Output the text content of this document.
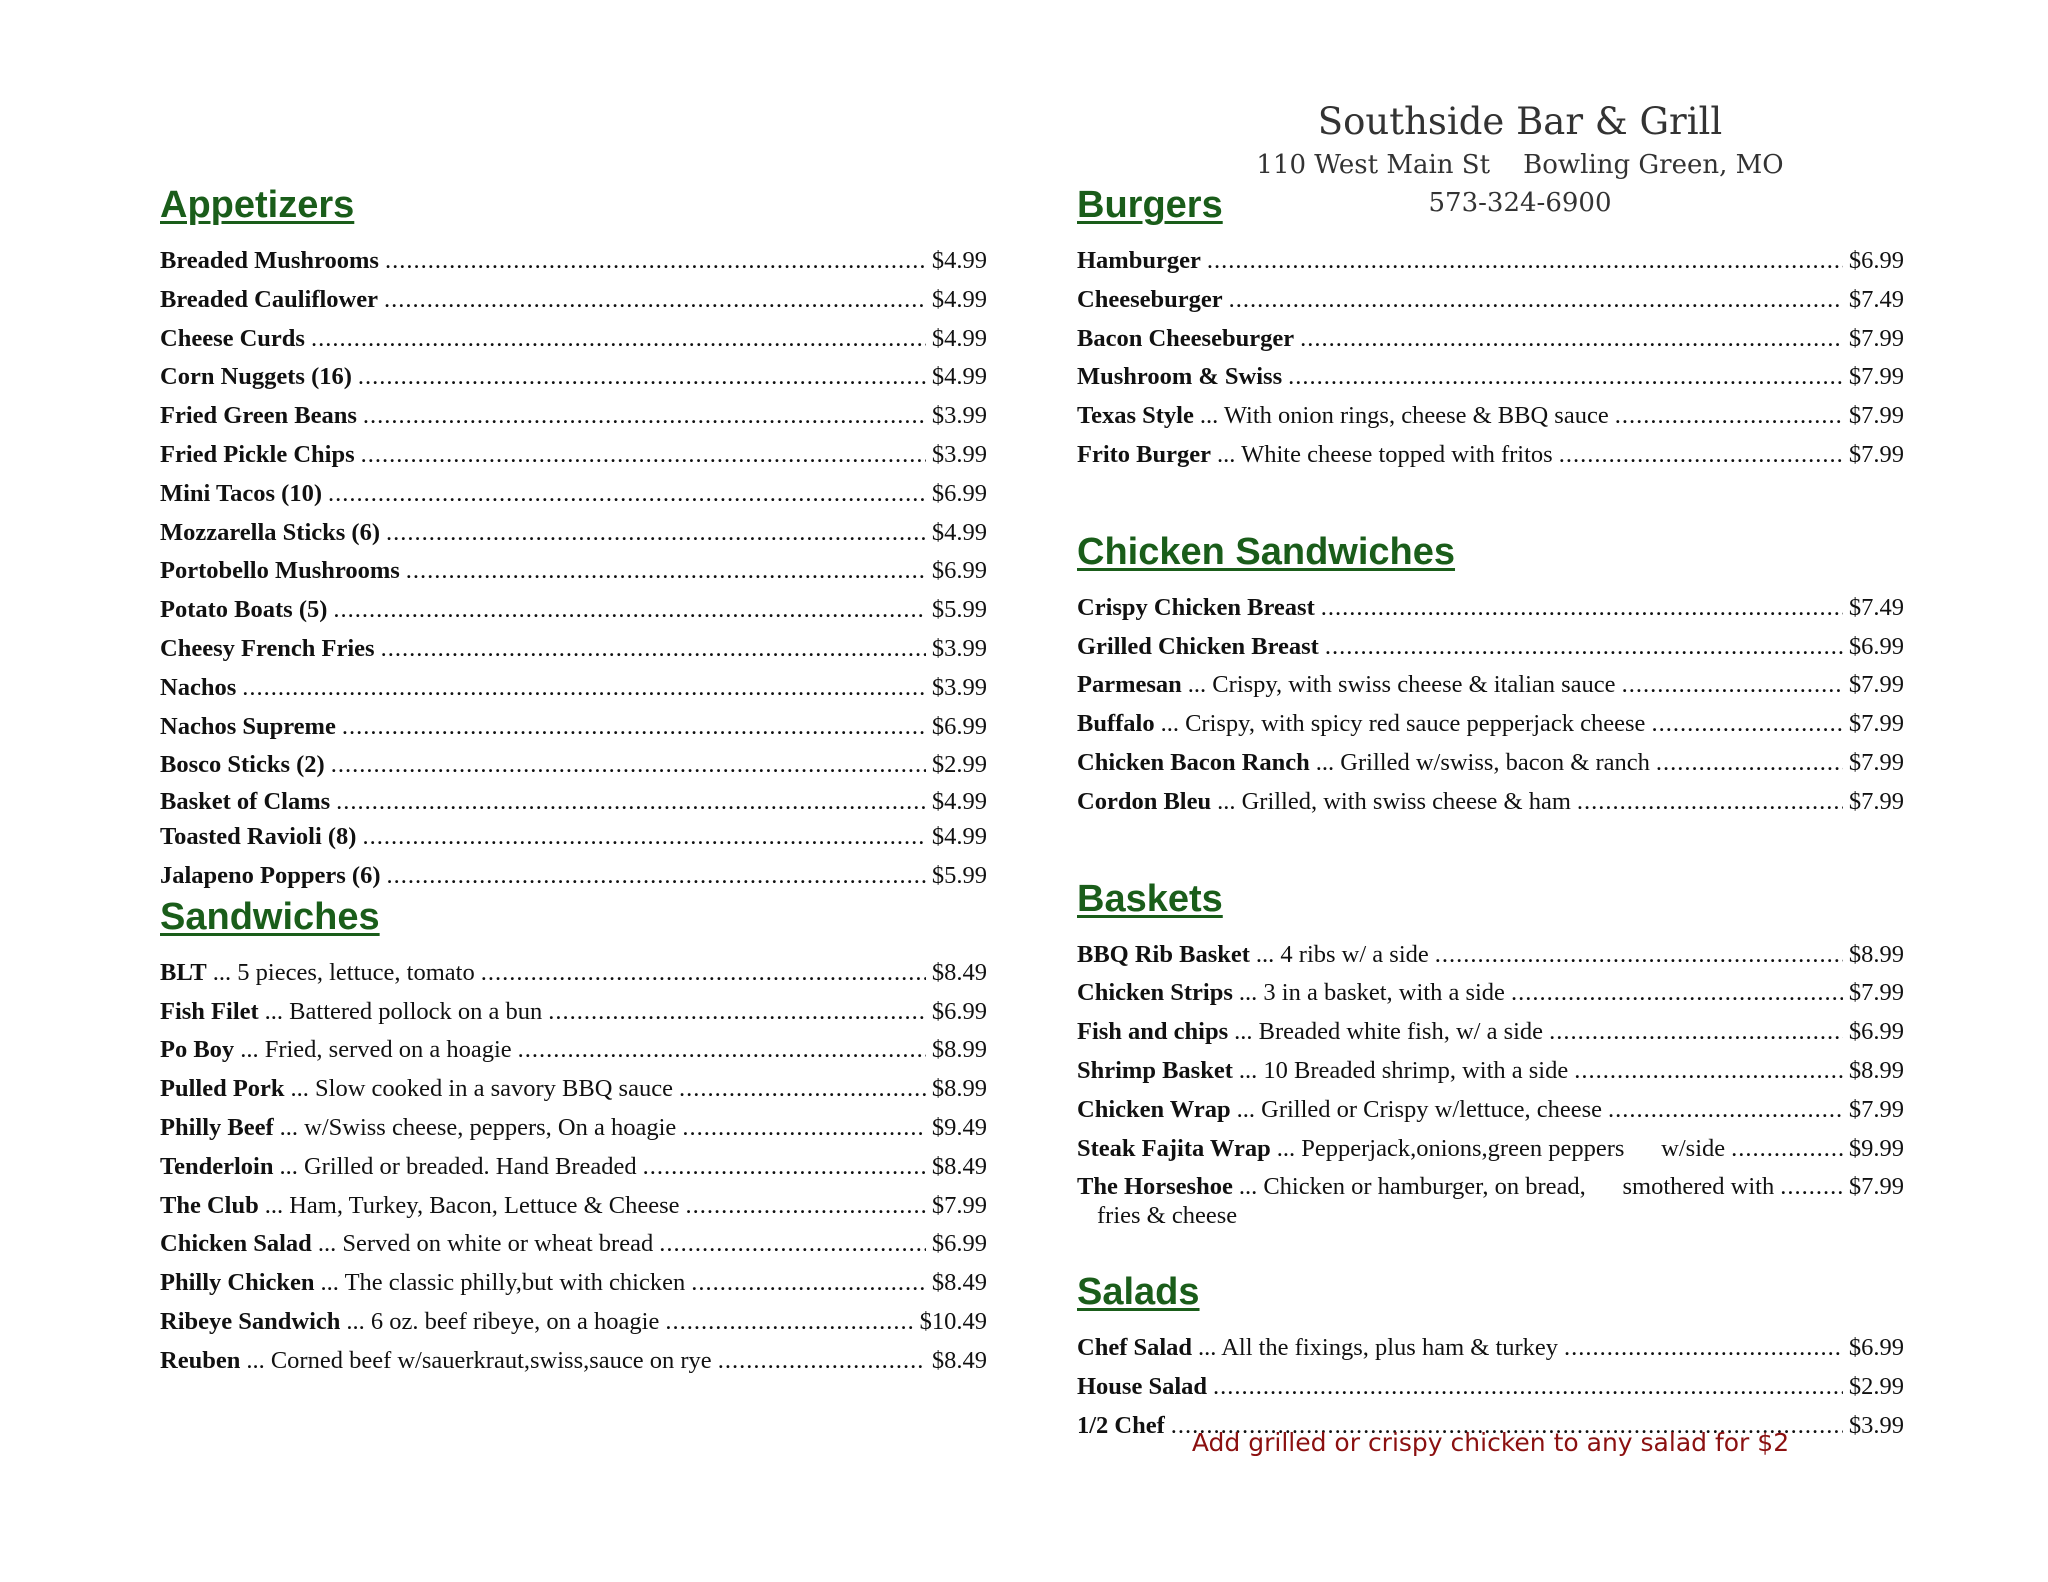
Southside Bar & Grill
110 West Main St    Bowling Green, MO
573-324-6900
Appetizers
Breaded Mushrooms .....	$4.99
Breaded Cauliflower .....	$4.99
Cheese Curds .....	$4.99
Corn Nuggets (16) .....	$4.99
Fried Green Beans .....	$3.99
Fried Pickle Chips .....	$3.99
Mini Tacos (10) .....	$6.99
Mozzarella Sticks (6) .....	$4.99
Portobello Mushrooms .....	$6.99
Potato Boats (5) .....	$5.99
Cheesy French Fries .....	$3.99
Nachos .....	$3.99
Nachos Supreme .....	$6.99
Bosco Sticks (2) .....	$2.99
Basket of Clams .....	$4.99
Toasted Ravioli (8) .....	$4.99
Jalapeno Poppers (6) .....	$5.99
Sandwiches
BLT ... 5 pieces, lettuce, tomato .....	$8.49
Fish Filet ... Battered pollock on a bun .....	$6.99
Po Boy ... Fried, served on a hoagie .....	$8.99
Pulled Pork ... Slow cooked in a savory BBQ sauce .....	$8.99
Philly Beef ... w/Swiss cheese, peppers, On a hoagie .....	$9.49
Tenderloin ... Grilled or breaded. Hand Breaded .....	$8.49
The Club ... Ham, Turkey, Bacon, Lettuce & Cheese .....	$7.99
Chicken Salad ... Served on white or wheat bread .....	$6.99
Philly Chicken ... The classic philly,but with chicken .....	$8.49
Ribeye Sandwich ... 6 oz. beef ribeye, on a hoagie .....	$10.49
Reuben ... Corned beef w/sauerkraut,swiss,sauce on rye .....	$8.49
Burgers
Hamburger .....	$6.99
Cheeseburger .....	$7.49
Bacon Cheeseburger .....	$7.99
Mushroom & Swiss .....	$7.99
Texas Style ... With onion rings, cheese & BBQ sauce .....	$7.99
Frito Burger ... White cheese topped with fritos .....	$7.99
Chicken Sandwiches
Crispy Chicken Breast .....	$7.49
Grilled Chicken Breast .....	$6.99
Parmesan ... Crispy, with swiss cheese & italian sauce .....	$7.99
Buffalo ... Crispy, with spicy red sauce pepperjack cheese .....	$7.99
Chicken Bacon Ranch ... Grilled w/swiss, bacon & ranch .....	$7.99
Cordon Bleu ... Grilled, with swiss cheese & ham .....	$7.99
Baskets
BBQ Rib Basket ... 4 ribs w/ a side .....	$8.99
Chicken Strips ... 3 in a basket, with a side .....	$7.99
Fish and chips ... Breaded white fish, w/ a side .....	$6.99
Shrimp Basket ... 10 Breaded shrimp, with a side .....	$8.99
Chicken Wrap ... Grilled or Crispy w/lettuce, cheese .....	$7.99
Steak Fajita Wrap ... Pepperjack,onions,green peppers      w/side .....	$9.99
The Horseshoe ... Chicken or hamburger, on bread,      smothered with .....	$7.99
fries & cheese
Salads
Chef Salad ... All the fixings, plus ham & turkey .....	$6.99
House Salad .....	$2.99
1/2 Chef .....	$3.99
Add grilled or crispy chicken to any salad for $2
